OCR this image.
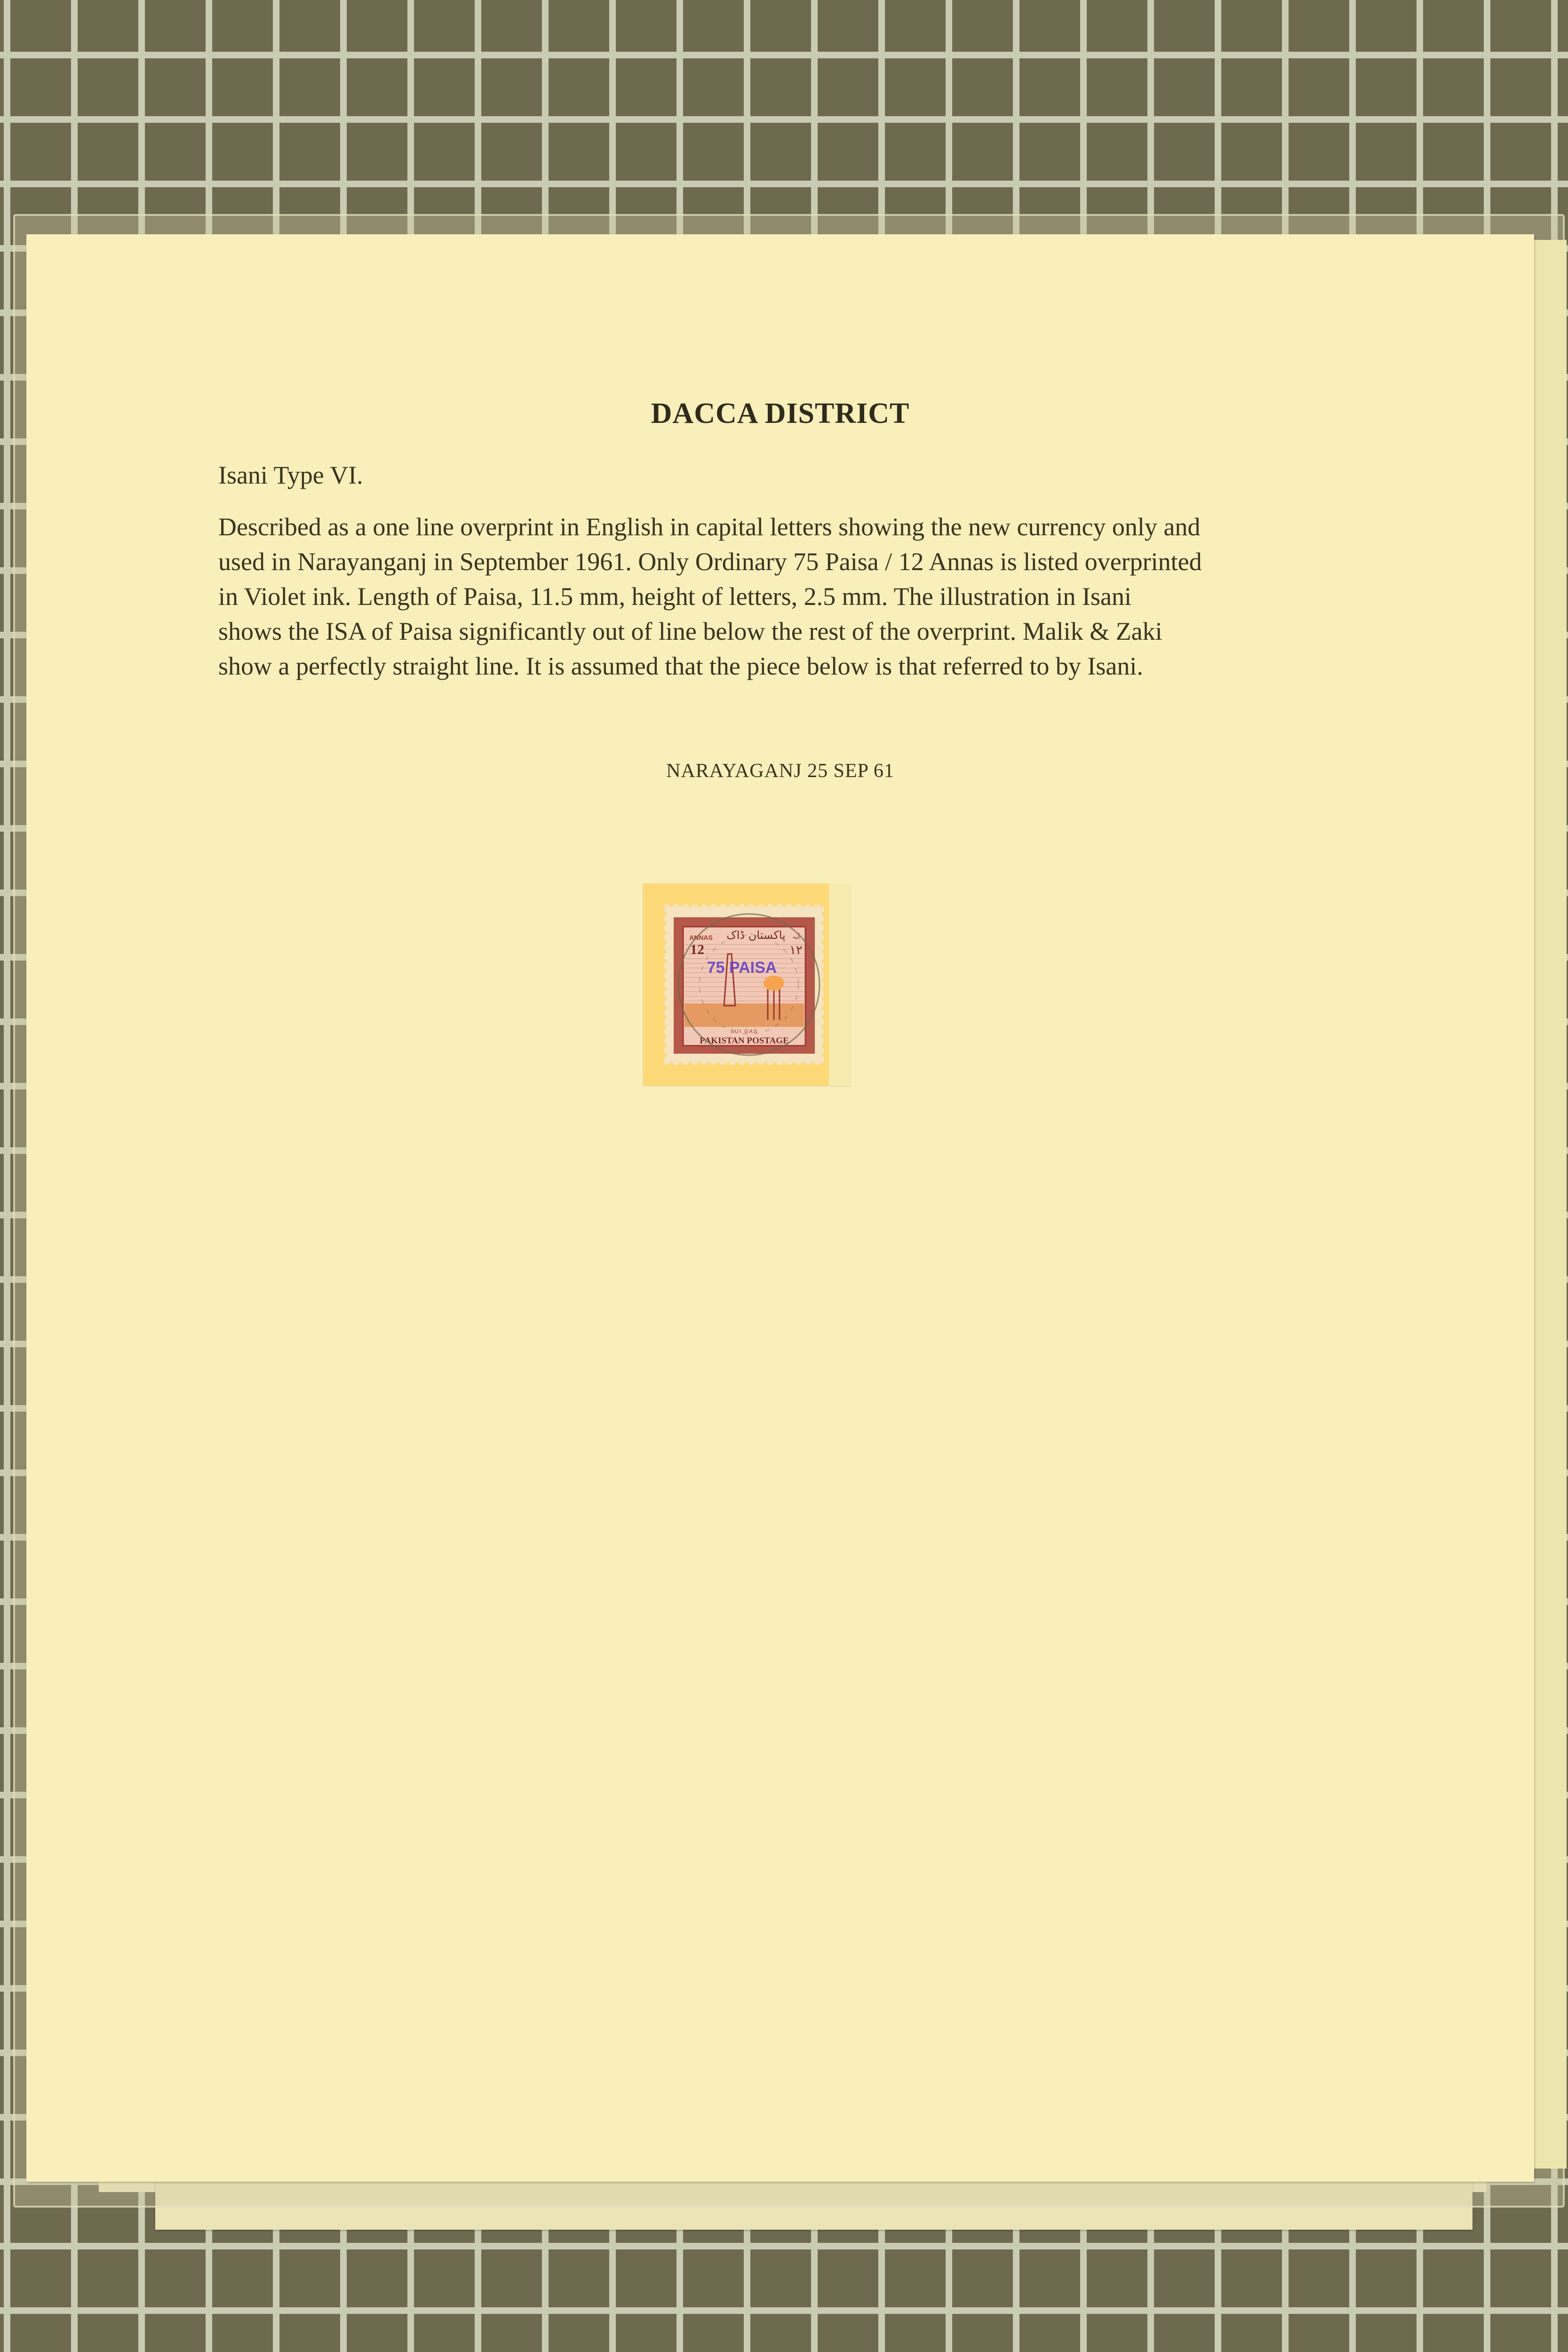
DACCA DISTRICT
Isani Type VI.
Described as a one line overprint in English in capital letters showing the new currency only and
used in Narayanganj in September 1961. Only Ordinary 75 Paisa / 12 Annas is listed overprinted
in Violet ink. Length of Paisa, 11.5 mm, height of letters, 2.5 mm. The illustration in Isani
shows the ISA of Paisa significantly out of line below the rest of the overprint. Malik & Zaki
show a perfectly straight line. It is assumed that the piece below is that referred to by Isani.
NARAYAGANJ 25 SEP 61
ANNAS
12
پاکستان ڈاک آنہ
١٢
SUI GAS
PAKISTAN POSTAGE
75 PAISA
